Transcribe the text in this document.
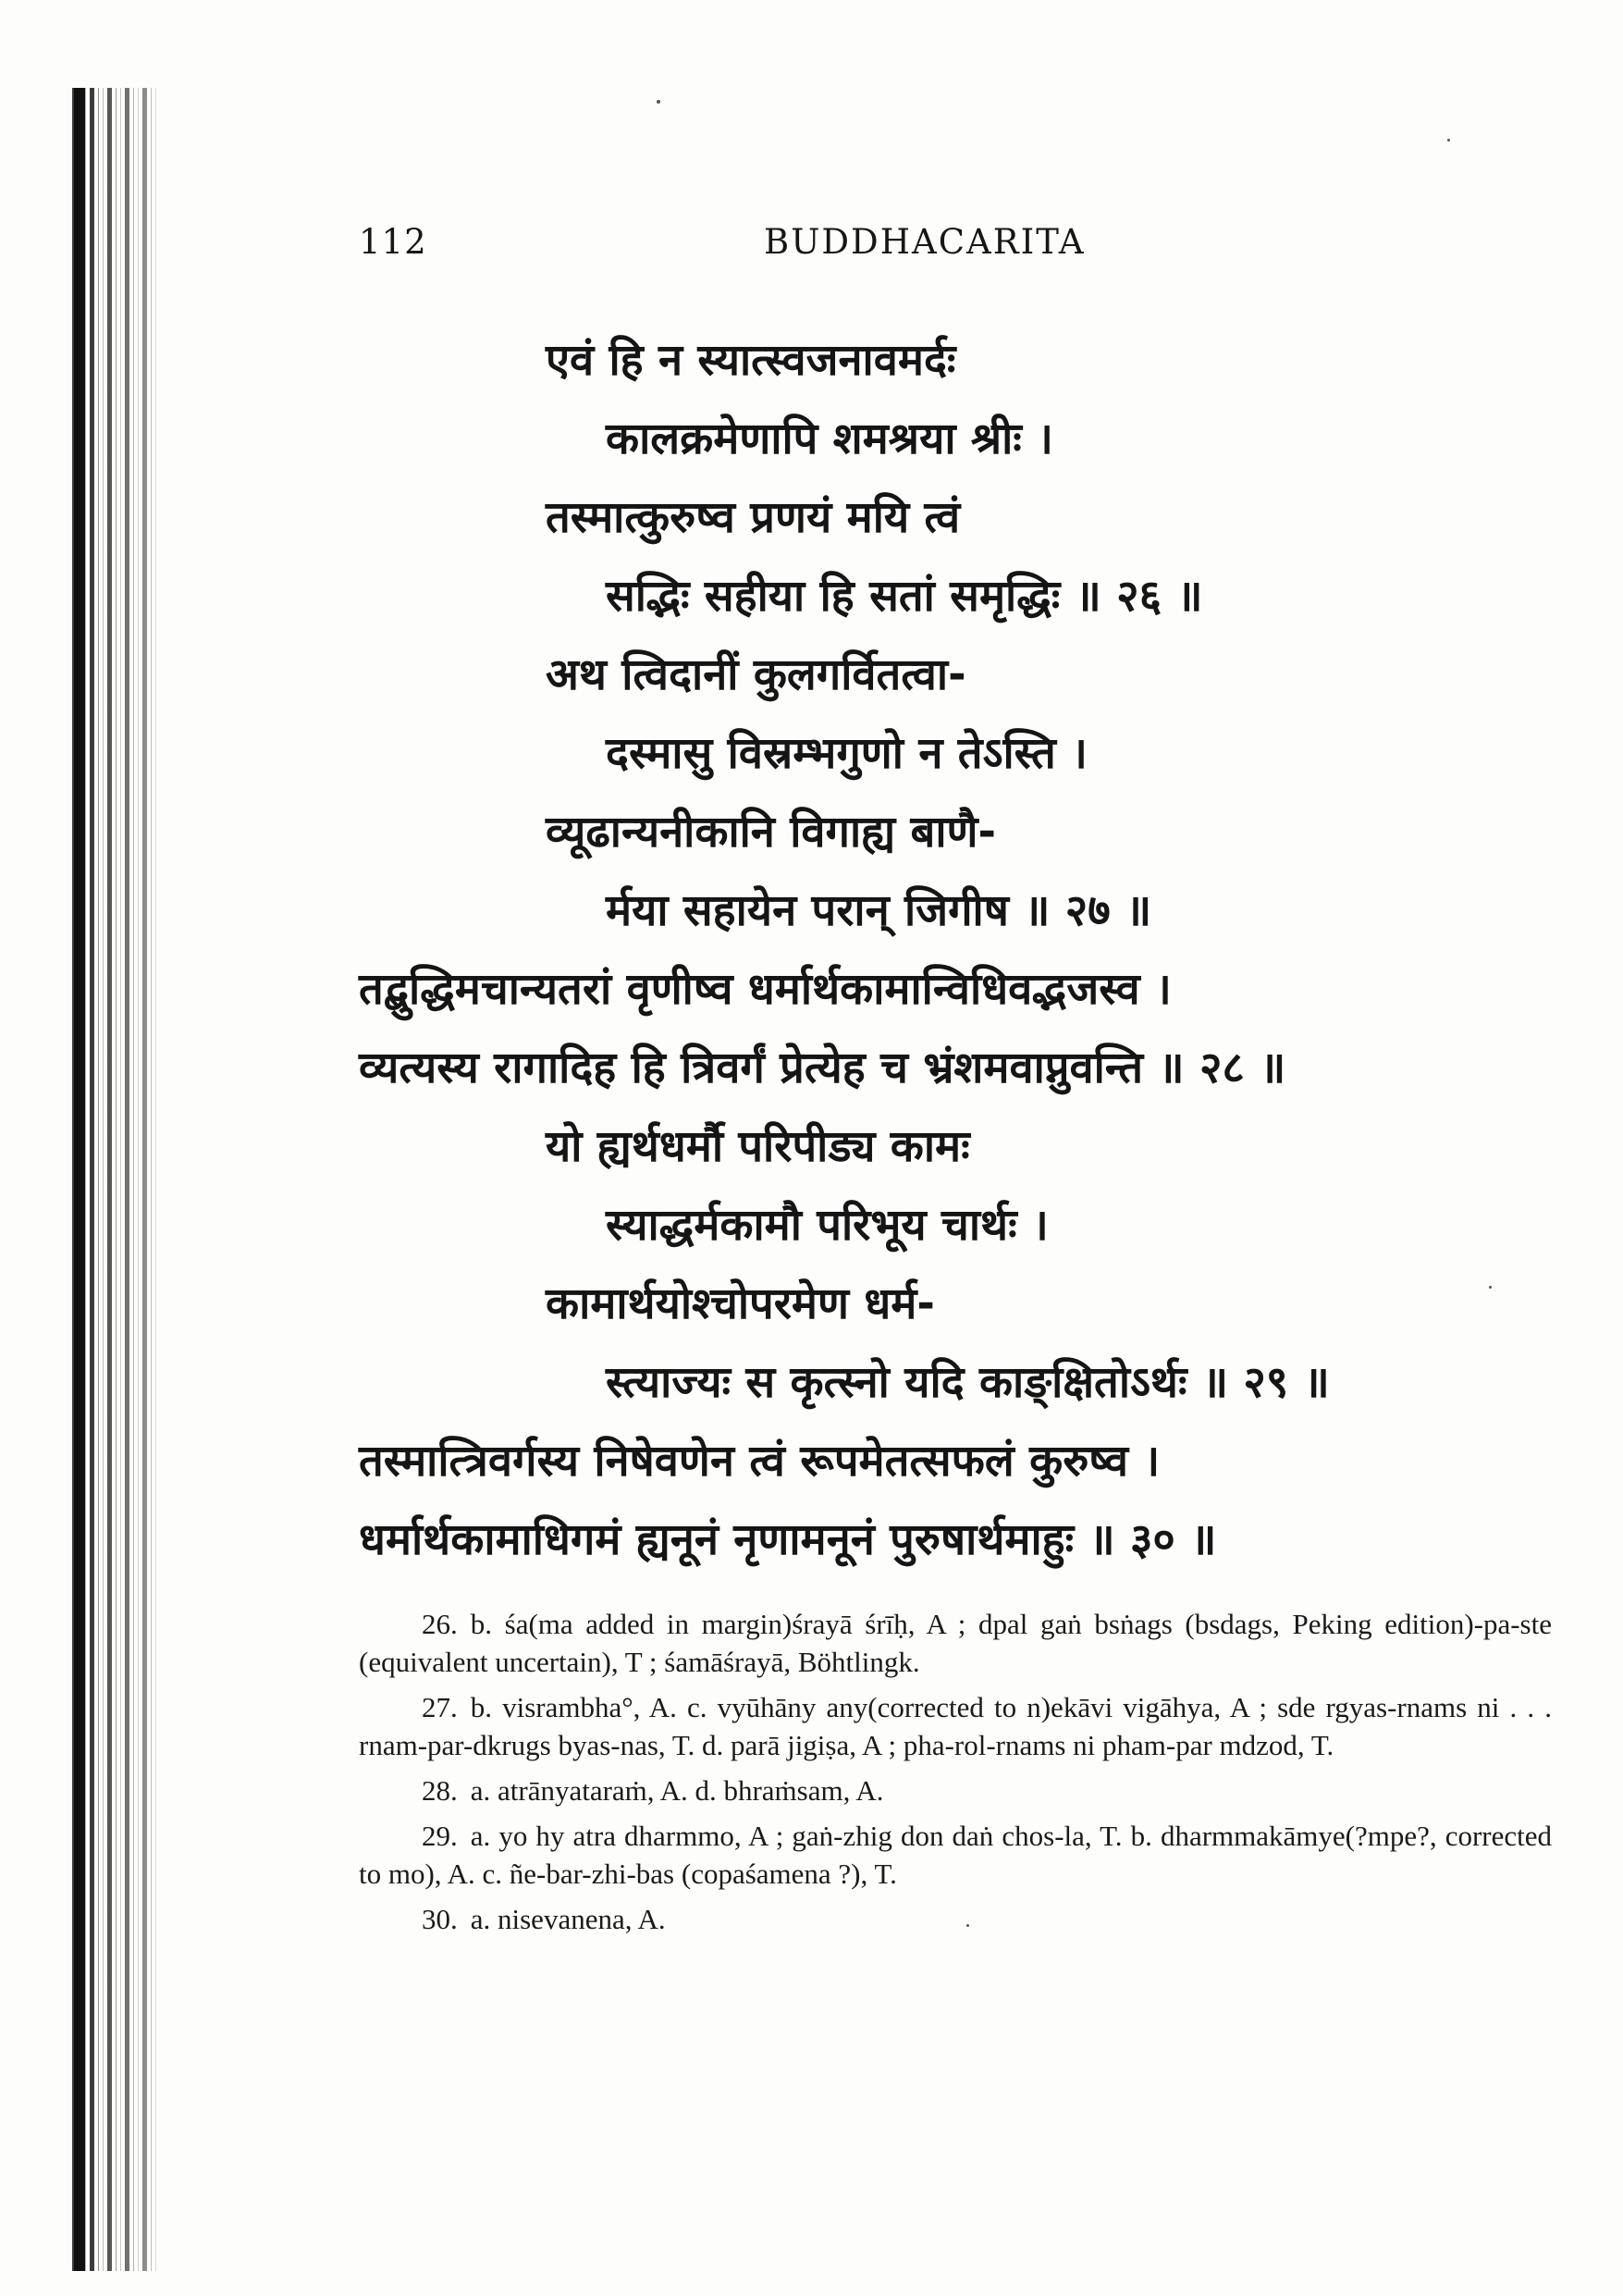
112	BUDDHACARITA
एवं हि न स्यात्स्वजनावमर्दः
कालक्रमेणापि शमश्रया श्रीः ।
तस्मात्कुरुष्व प्रणयं मयि त्वं
सद्भिः सहीया हि सतां समृद्धिः ॥ २६ ॥
अथ त्विदानीं कुलगर्वितत्वा-
दस्मासु विस्रम्भगुणो न तेऽस्ति ।
व्यूढान्यनीकानि विगाह्य बाणै-
र्मया सहायेन परान् जिगीष ॥ २७ ॥
तद्बुद्धिमचान्यतरां वृणीष्व धर्मार्थकामान्विधिवद्भजस्व ।
व्यत्यस्य रागादिह हि त्रिवर्गं प्रेत्येह च भ्रंशमवाप्नुवन्ति ॥ २८ ॥
यो ह्यर्थधर्मौ परिपीड्य कामः
स्याद्धर्मकामौ परिभूय चार्थः ।
कामार्थयोश्चोपरमेण धर्म-
स्त्याज्यः स कृत्स्नो यदि काङ्क्षितोऽर्थः ॥ २९ ॥
तस्मात्त्रिवर्गस्य निषेवणेन त्वं रूपमेतत्सफलं कुरुष्व ।
धर्मार्थकामाधिगमं ह्यनूनं नृणामनूनं पुरुषार्थमाहुः ॥ ३० ॥

26. b. śa(ma added in margin)śrayā śrīḥ, A ; dpal gaṅ bsṅags (bsdags, Peking edition)-pa-ste (equivalent uncertain), T ; śamāśrayā, Böhtlingk.

27. b. visrambha°, A. c. vyūhāny any(corrected to n)ekāvi vigāhya, A ; sde rgyas-rnams ni . . . rnam-par-dkrugs byas-nas, T. d. parā jigiṣa, A ; pha-rol-rnams ni pham-par mdzod, T.

28. a. atrānyataraṁ, A. d. bhraṁsam, A.

29. a. yo hy atra dharmmo, A ; gaṅ-zhig don daṅ chos-la, T. b. dharmmakāmye(?mpe?, corrected to mo), A. c. ñe-bar-zhi-bas (copaśamena ?), T.

30. a. nisevanena, A.
